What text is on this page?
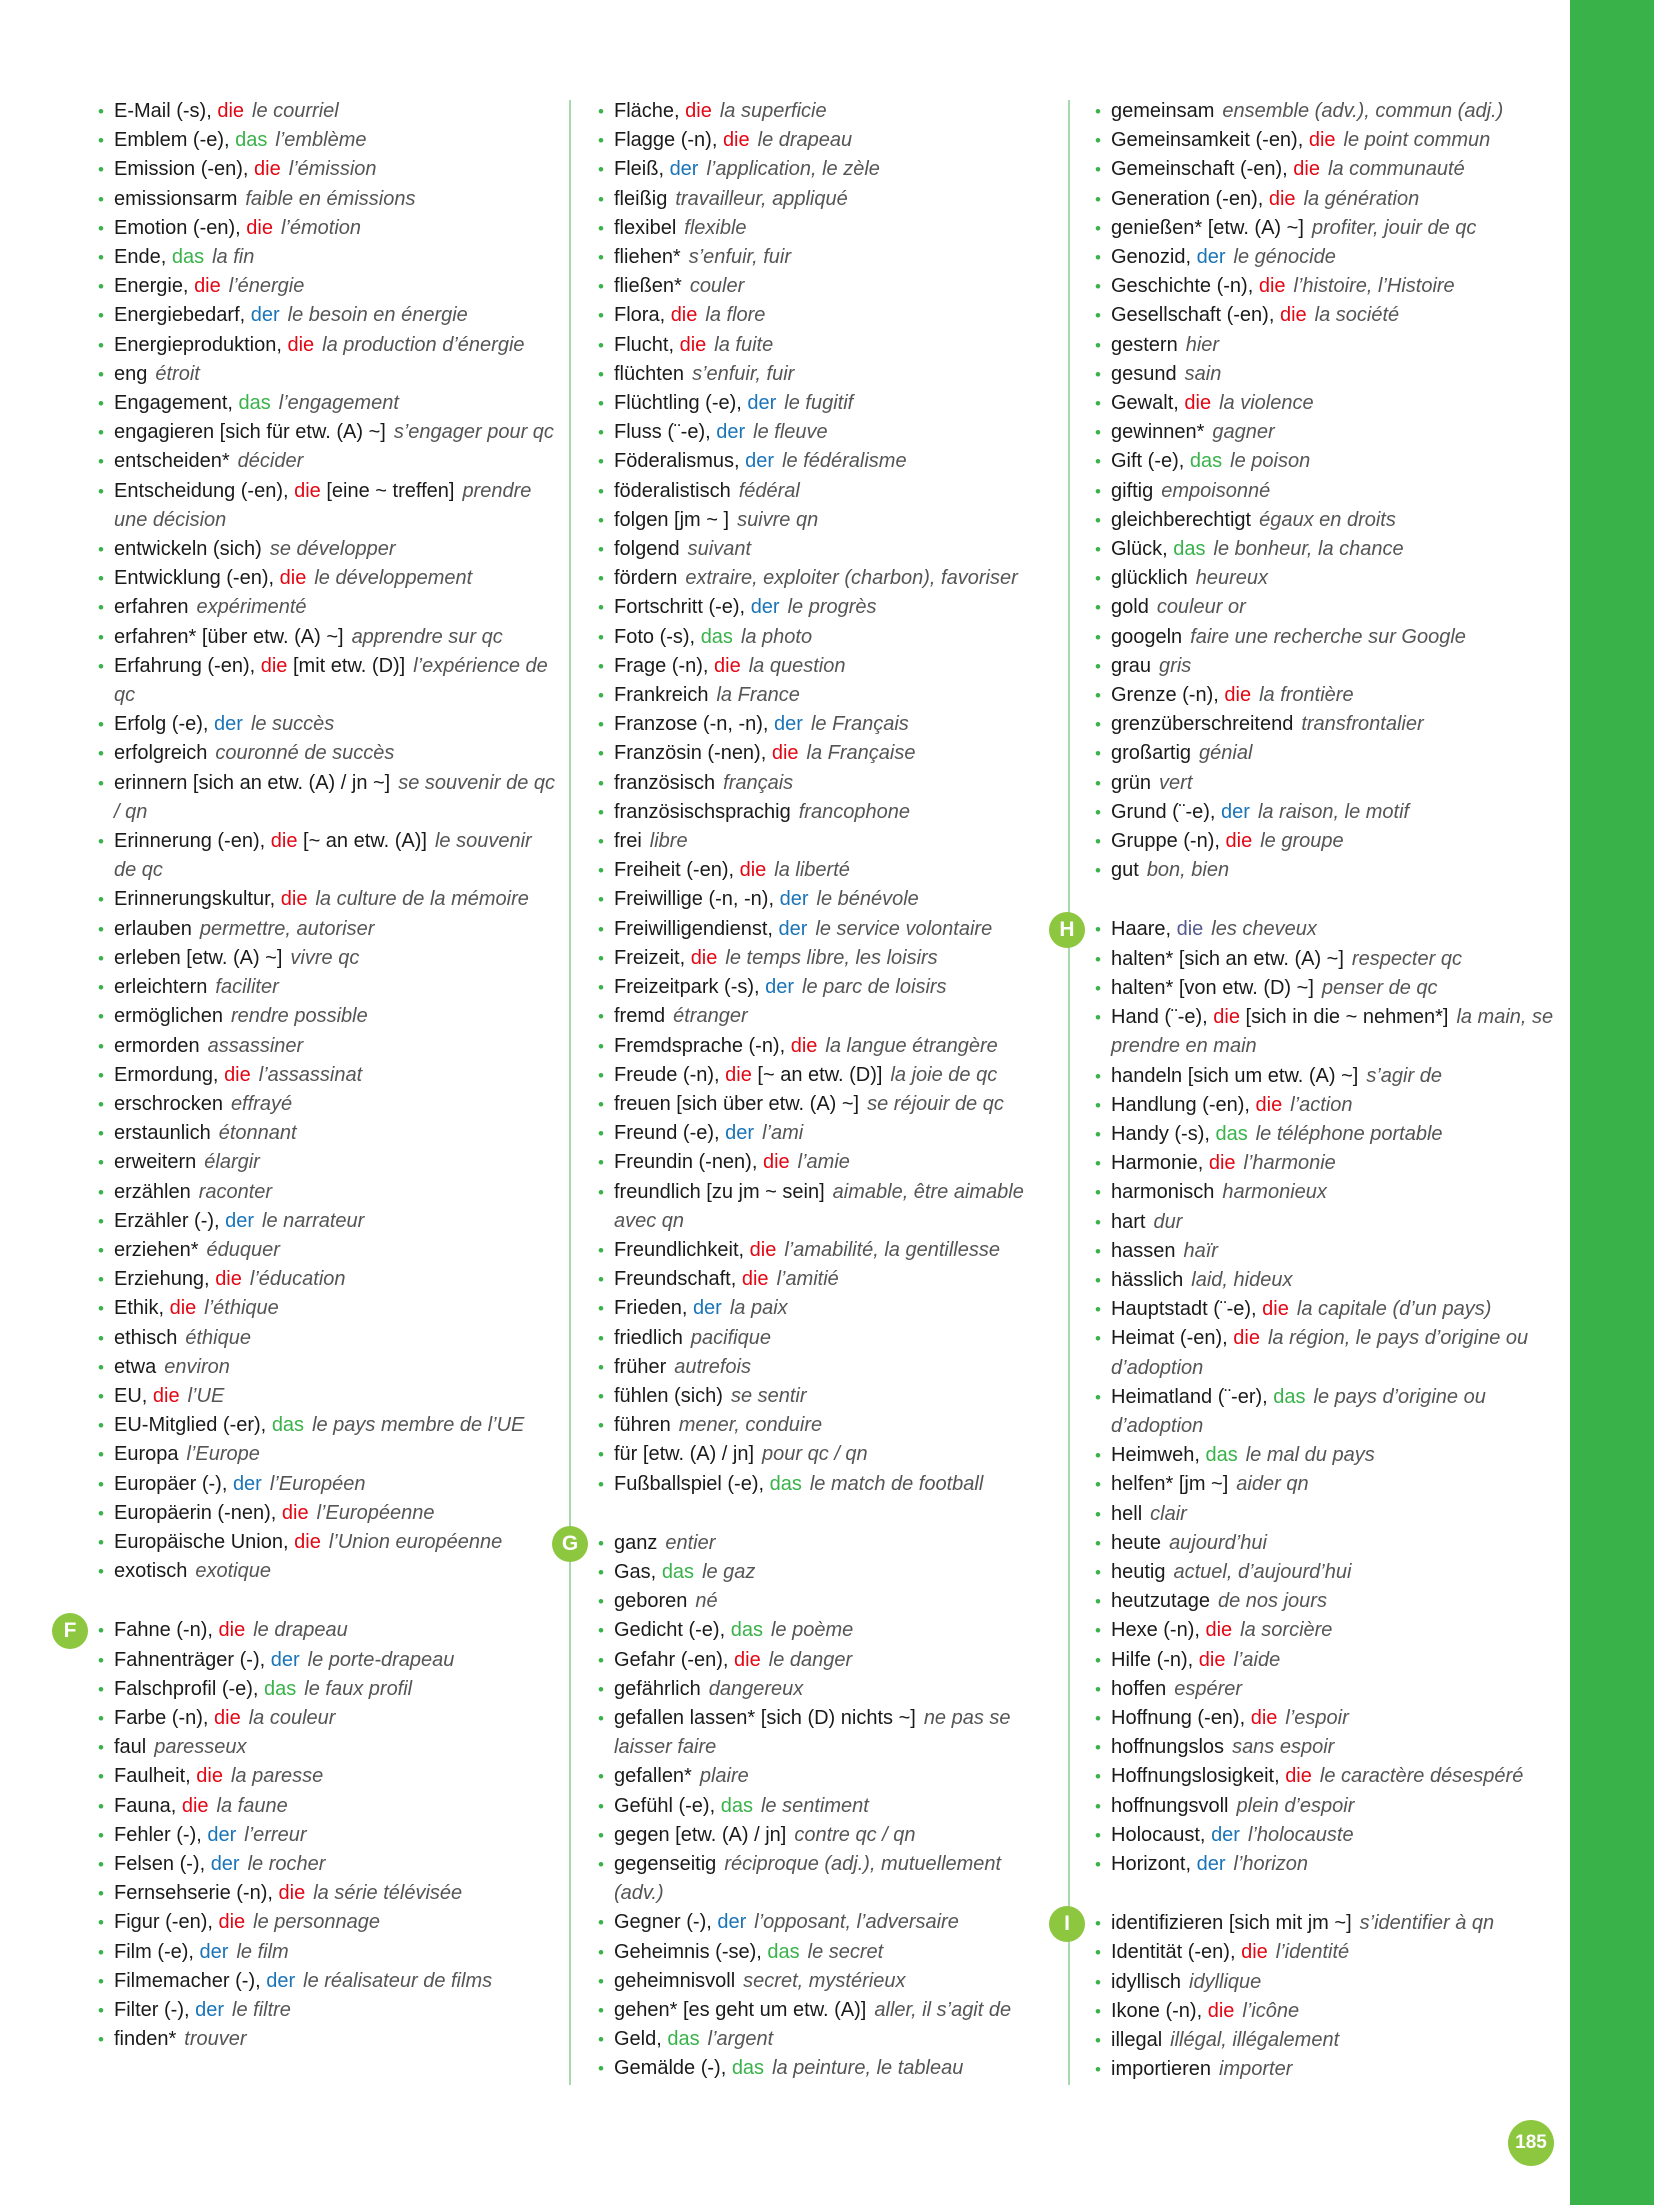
• E-Mail (-s), die le courriel
• Emblem (-e), das l’emblème
• Emission (-en), die l’émission
• emissionsarm faible en émissions
• Emotion (-en), die l’émotion
• Ende, das la fin
• Energie, die l’énergie
• Energiebedarf, der le besoin en énergie
• Energieproduktion, die la production d’énergie
• eng étroit
• Engagement, das l’engagement
• engagieren [sich für etw. (A) ~] s’engager pour qc
• entscheiden* décider
• Entscheidung (-en), die [eine ~ treffen] prendre une décision
• entwickeln (sich) se développer
• Entwicklung (-en), die le développement
• erfahren expérimenté
• erfahren* [über etw. (A) ~] apprendre sur qc
• Erfahrung (-en), die [mit etw. (D)] l’expérience de qc
• Erfolg (-e), der le succès
• erfolgreich couronné de succès
• erinnern [sich an etw. (A) / jn ~] se souvenir de qc / qn
• Erinnerung (-en), die [~ an etw. (A)] le souvenir de qc
• Erinnerungskultur, die la culture de la mémoire
• erlauben permettre, autoriser
• erleben [etw. (A) ~] vivre qc
• erleichtern faciliter
• ermöglichen rendre possible
• ermorden assassiner
• Ermordung, die l’assassinat
• erschrocken effrayé
• erstaunlich étonnant
• erweitern élargir
• erzählen raconter
• Erzähler (-), der le narrateur
• erziehen* éduquer
• Erziehung, die l’éducation
• Ethik, die l’éthique
• ethisch éthique
• etwa environ
• EU, die l’UE
• EU-Mitglied (-er), das le pays membre de l’UE
• Europa l’Europe
• Europäer (-), der l’Européen
• Europäerin (-nen), die l’Européenne
• Europäische Union, die l’Union européenne
• exotisch exotique
F	• Fahne (-n), die le drapeau
• Fahnenträger (-), der le porte-drapeau
• Falschprofil (-e), das le faux profil
• Farbe (-n), die la couleur
• faul paresseux
• Faulheit, die la paresse
• Fauna, die la faune
• Fehler (-), der l’erreur
• Felsen (-), der le rocher
• Fernsehserie (-n), die la série télévisée
• Figur (-en), die le personnage
• Film (-e), der le film
• Filmemacher (-), der le réalisateur de films
• Filter (-), der le filtre
• finden* trouver
• Fläche, die la superficie
• Flagge (-n), die le drapeau
• Fleiß, der l’application, le zèle
• fleißig travailleur, appliqué
• flexibel flexible
• fliehen* s’enfuir, fuir
• fließen* couler
• Flora, die la flore
• Flucht, die la fuite
• flüchten s’enfuir, fuir
• Flüchtling (-e), der le fugitif
• Fluss (¨-e), der le fleuve
• Föderalismus, der le fédéralisme
• föderalistisch fédéral
• folgen [jm ~ ] suivre qn
• folgend suivant
• fördern extraire, exploiter (charbon), favoriser
• Fortschritt (-e), der le progrès
• Foto (-s), das la photo
• Frage (-n), die la question
• Frankreich la France
• Franzose (-n, -n), der le Français
• Französin (-nen), die la Française
• französisch français
• französischsprachig francophone
• frei libre
• Freiheit (-en), die la liberté
• Freiwillige (-n, -n), der le bénévole
• Freiwilligendienst, der le service volontaire
• Freizeit, die le temps libre, les loisirs
• Freizeitpark (-s), der le parc de loisirs
• fremd étranger
• Fremdsprache (-n), die la langue étrangère
• Freude (-n), die [~ an etw. (D)] la joie de qc
• freuen [sich über etw. (A) ~] se réjouir de qc
• Freund (-e), der l’ami
• Freundin (-nen), die l’amie
• freundlich [zu jm ~ sein] aimable, être aimable avec qn
• Freundlichkeit, die l’amabilité, la gentillesse
• Freundschaft, die l’amitié
• Frieden, der la paix
• friedlich pacifique
• früher autrefois
• fühlen (sich) se sentir
• führen mener, conduire
• für [etw. (A) / jn] pour qc / qn
• Fußballspiel (-e), das le match de football
G	• ganz entier
• Gas, das le gaz
• geboren né
• Gedicht (-e), das le poème
• Gefahr (-en), die le danger
• gefährlich dangereux
• gefallen lassen* [sich (D) nichts ~] ne pas se laisser faire
• gefallen* plaire
• Gefühl (-e), das le sentiment
• gegen [etw. (A) / jn] contre qc / qn
• gegenseitig réciproque (adj.), mutuellement (adv.)
• Gegner (-), der l’opposant, l’adversaire
• Geheimnis (-se), das le secret
• geheimnisvoll secret, mystérieux
• gehen* [es geht um etw. (A)] aller, il s’agit de
• Geld, das l’argent
• Gemälde (-), das la peinture, le tableau
• gemeinsam ensemble (adv.), commun (adj.)
• Gemeinsamkeit (-en), die le point commun
• Gemeinschaft (-en), die la communauté
• Generation (-en), die la génération
• genießen* [etw. (A) ~] profiter, jouir de qc
• Genozid, der le génocide
• Geschichte (-n), die l’histoire, l’Histoire
• Gesellschaft (-en), die la société
• gestern hier
• gesund sain
• Gewalt, die la violence
• gewinnen* gagner
• Gift (-e), das le poison
• giftig empoisonné
• gleichberechtigt égaux en droits
• Glück, das le bonheur, la chance
• glücklich heureux
• gold couleur or
• googeln faire une recherche sur Google
• grau gris
• Grenze (-n), die la frontière
• grenzüberschreitend transfrontalier
• großartig génial
• grün vert
• Grund (¨-e), der la raison, le motif
• Gruppe (-n), die le groupe
• gut bon, bien
H	• Haare, die les cheveux
• halten* [sich an etw. (A) ~] respecter qc
• halten* [von etw. (D) ~] penser de qc
• Hand (¨-e), die [sich in die ~ nehmen*] la main, se prendre en main
• handeln [sich um etw. (A) ~] s’agir de
• Handlung (-en), die l’action
• Handy (-s), das le téléphone portable
• Harmonie, die l’harmonie
• harmonisch harmonieux
• hart dur
• hassen haïr
• hässlich laid, hideux
• Hauptstadt (¨-e), die la capitale (d’un pays)
• Heimat (-en), die la région, le pays d’origine ou d’adoption
• Heimatland (¨-er), das le pays d’origine ou d’adoption
• Heimweh, das le mal du pays
• helfen* [jm ~] aider qn
• hell clair
• heute aujourd’hui
• heutig actuel, d’aujourd’hui
• heutzutage de nos jours
• Hexe (-n), die la sorcière
• Hilfe (-n), die l’aide
• hoffen espérer
• Hoffnung (-en), die l’espoir
• hoffnungslos sans espoir
• Hoffnungslosigkeit, die le caractère désespéré
• hoffnungsvoll plein d’espoir
• Holocaust, der l’holocauste
• Horizont, der l’horizon
I	• identifizieren [sich mit jm ~] s’identifier à qn
• Identität (-en), die l’identité
• idyllisch idyllique
• Ikone (-n), die l’icône
• illegal illégal, illégalement
• importieren importer
185
